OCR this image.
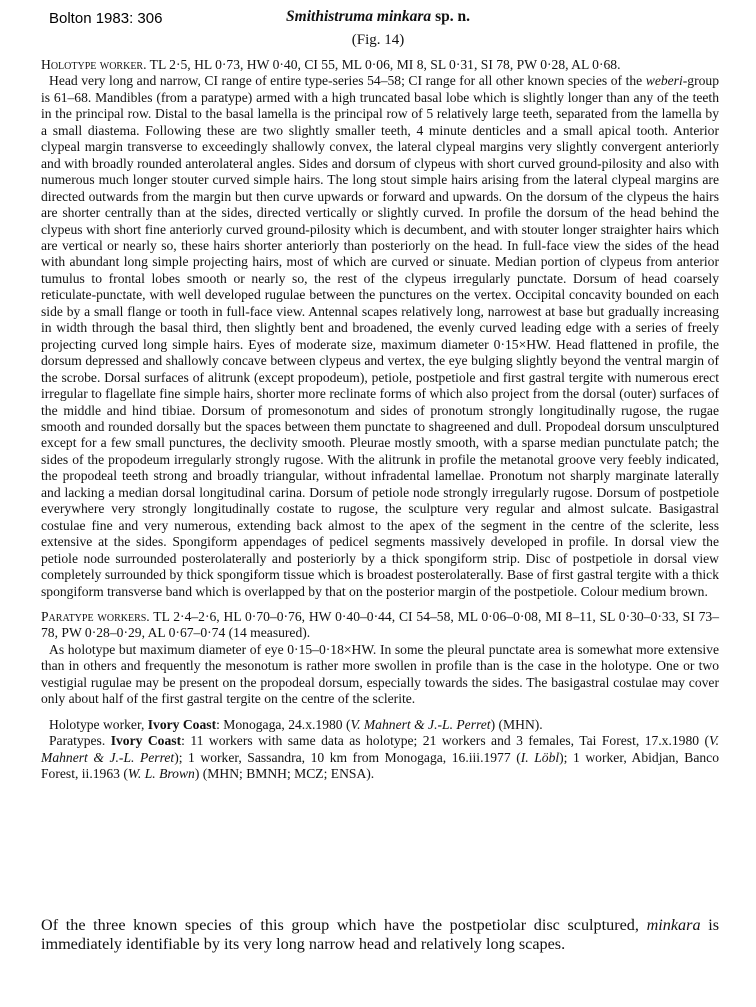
Bolton 1983: 306	Smithistruma minkara sp. n.
(Fig. 14)

Holotype worker. TL 2·5, HL 0·73, HW 0·40, CI 55, ML 0·06, MI 8, SL 0·31, SI 78, PW 0·28, AL 0·68.

Head very long and narrow, CI range of entire type-series 54–58; CI range for all other known species of the weberi-group is 61–68. Mandibles (from a paratype) armed with a high truncated basal lobe which is slightly longer than any of the teeth in the principal row. Distal to the basal lamella is the principal row of 5 relatively large teeth, separated from the lamella by a small diastema. Following these are two slightly smaller teeth, 4 minute denticles and a small apical tooth. Anterior clypeal margin transverse to exceedingly shallowly convex, the lateral clypeal margins very slightly convergent anteriorly and with broadly rounded anterolateral angles. Sides and dorsum of clypeus with short curved ground-pilosity and also with numerous much longer stouter curved simple hairs. The long stout simple hairs arising from the lateral clypeal margins are directed outwards from the margin but then curve upwards or forward and upwards. On the dorsum of the clypeus the hairs are shorter centrally than at the sides, directed vertically or slightly curved. In profile the dorsum of the head behind the clypeus with short fine anteriorly curved ground-pilosity which is decumbent, and with stouter longer straighter hairs which are vertical or nearly so, these hairs shorter anteriorly than posteriorly on the head. In full-face view the sides of the head with abundant long simple projecting hairs, most of which are curved or sinuate. Median portion of clypeus from anterior tumulus to frontal lobes smooth or nearly so, the rest of the clypeus irregularly punctate. Dorsum of head coarsely reticulate-punctate, with well developed rugulae between the punctures on the vertex. Occipital concavity bounded on each side by a small flange or tooth in full-face view. Antennal scapes relatively long, narrowest at base but gradually increasing in width through the basal third, then slightly bent and broadened, the evenly curved leading edge with a series of freely projecting curved long simple hairs. Eyes of moderate size, maximum diameter 0·15×HW. Head flattened in profile, the dorsum depressed and shallowly concave between clypeus and vertex, the eye bulging slightly beyond the ventral margin of the scrobe. Dorsal surfaces of alitrunk (except propodeum), petiole, postpetiole and first gastral tergite with numerous erect irregular to flagellate fine simple hairs, shorter more reclinate forms of which also project from the dorsal (outer) surfaces of the middle and hind tibiae. Dorsum of promesonotum and sides of pronotum strongly longitudinally rugose, the rugae smooth and rounded dorsally but the spaces between them punctate to shagreened and dull. Propodeal dorsum unsculptured except for a few small punctures, the declivity smooth. Pleurae mostly smooth, with a sparse median punctulate patch; the sides of the propodeum irregularly strongly rugose. With the alitrunk in profile the metanotal groove very feebly indicated, the propodeal teeth strong and broadly triangular, without infradental lamellae. Pronotum not sharply marginate laterally and lacking a median dorsal longitudinal carina. Dorsum of petiole node strongly irregularly rugose. Dorsum of postpetiole everywhere very strongly longitudinally costate to rugose, the sculpture very regular and almost sulcate. Basigastral costulae fine and very numerous, extending back almost to the apex of the segment in the centre of the sclerite, less extensive at the sides. Spongiform appendages of pedicel segments massively developed in profile. In dorsal view the petiole node surrounded posterolaterally and posteriorly by a thick spongiform strip. Disc of postpetiole in dorsal view completely surrounded by thick spongiform tissue which is broadest posterolaterally. Base of first gastral tergite with a thick spongiform transverse band which is overlapped by that on the posterior margin of the postpetiole. Colour medium brown.

Paratype workers. TL 2·4–2·6, HL 0·70–0·76, HW 0·40–0·44, CI 54–58, ML 0·06–0·08, MI 8–11, SL 0·30–0·33, SI 73–78, PW 0·28–0·29, AL 0·67–0·74 (14 measured).

As holotype but maximum diameter of eye 0·15–0·18×HW. In some the pleural punctate area is somewhat more extensive than in others and frequently the mesonotum is rather more swollen in profile than is the case in the holotype. One or two vestigial rugulae may be present on the propodeal dorsum, especially towards the sides. The basigastral costulae may cover only about half of the first gastral tergite on the centre of the sclerite.

Holotype worker, Ivory Coast: Monogaga, 24.x.1980 (V. Mahnert & J.-L. Perret) (MHN).

Paratypes. Ivory Coast: 11 workers with same data as holotype; 21 workers and 3 females, Tai Forest, 17.x.1980 (V. Mahnert & J.-L. Perret); 1 worker, Sassandra, 10 km from Monogaga, 16.iii.1977 (I. Löbl); 1 worker, Abidjan, Banco Forest, ii.1963 (W. L. Brown) (MHN; BMNH; MCZ; ENSA).

Of the three known species of this group which have the postpetiolar disc sculptured, minkara is immediately identifiable by its very long narrow head and relatively long scapes.
